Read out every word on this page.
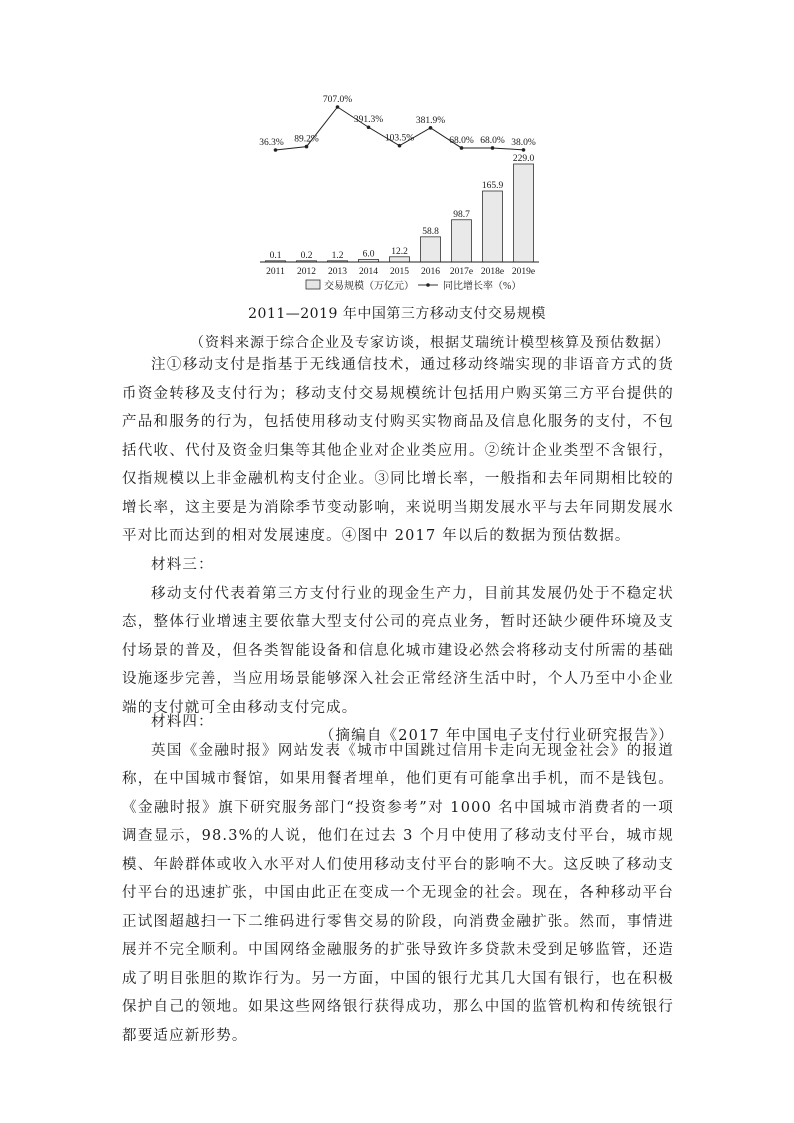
36.3% 89.2%
707.0%
391.3%
103.5%
381.9%
68.0% 68.0% 38.0%
0.1 0.2 1.2 6.0 12.2
58.8
98.7
165.9
229.0
2011 2012 2013 2014 2015 2016 2017e 2018e 2019e
交易规模（万亿元）	同比增长率（%）
2011—2019 年中国第三方移动支付交易规模
（资料来源于综合企业及专家访谈，根据艾瑞统计模型核算及预估数据）

注①移动支付是指基于无线通信技术，通过移动终端实现的非语音方式的货币资金转移及支付行为；移动支付交易规模统计包括用户购买第三方平台提供的产品和服务的行为，包括使用移动支付购买实物商品及信息化服务的支付，不包括代收、代付及资金归集等其他企业对企业类应用。②统计企业类型不含银行，仅指规模以上非金融机构支付企业。③同比增长率，一般指和去年同期相比较的增长率，这主要是为消除季节变动影响，来说明当期发展水平与去年同期发展水平对比而达到的相对发展速度。④图中 2017 年以后的数据为预估数据。

材料三：

移动支付代表着第三方支付行业的现金生产力，目前其发展仍处于不稳定状态，整体行业增速主要依靠大型支付公司的亮点业务，暂时还缺少硬件环境及支付场景的普及，但各类智能设备和信息化城市建设必然会将移动支付所需的基础设施逐步完善，当应用场景能够深入社会正常经济生活中时，个人乃至中小企业端的支付就可全由移动支付完成。

（摘编自《2017 年中国电子支付行业研究报告》）

材料四：

英国《金融时报》网站发表《城市中国跳过信用卡走向无现金社会》的报道称，在中国城市餐馆，如果用餐者埋单，他们更有可能拿出手机，而不是钱包。《金融时报》旗下研究服务部门“投资参考”对 1000 名中国城市消费者的一项调查显示，98.3%的人说，他们在过去 3 个月中使用了移动支付平台，城市规模、年龄群体或收入水平对人们使用移动支付平台的影响不大。这反映了移动支付平台的迅速扩张，中国由此正在变成一个无现金的社会。现在，各种移动平台正试图超越扫一下二维码进行零售交易的阶段，向消费金融扩张。然而，事情进展并不完全顺利。中国网络金融服务的扩张导致许多贷款未受到足够监管，还造成了明目张胆的欺诈行为。另一方面，中国的银行尤其几大国有银行，也在积极保护自己的领地。如果这些网络银行获得成功，那么中国的监管机构和传统银行都要适应新形势。
